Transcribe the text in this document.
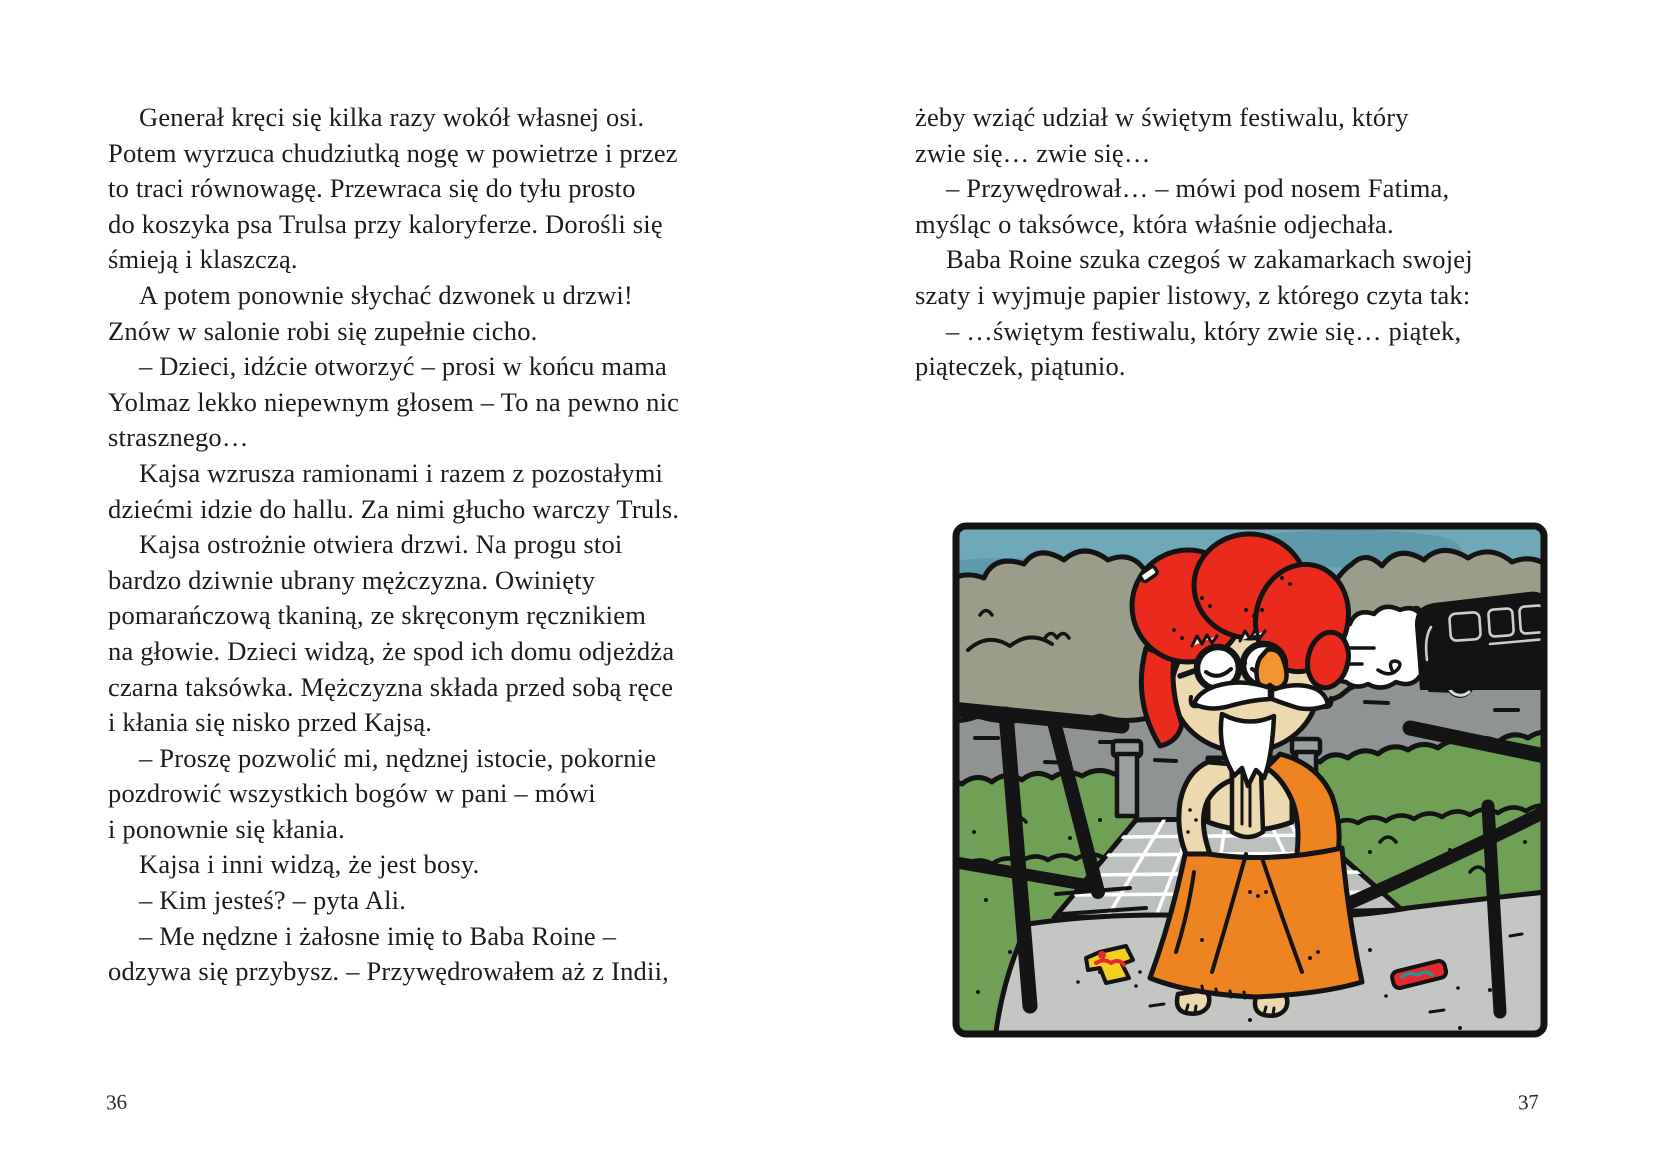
Generał kręci się kilka razy wokół własnej osi.
Potem wyrzuca chudziutką nogę w powietrze i przez
to traci równowagę. Przewraca się do tyłu prosto
do koszyka psa Trulsa przy kaloryferze. Dorośli się
śmieją i klaszczą.
A potem ponownie słychać dzwonek u drzwi!
Znów w salonie robi się zupełnie cicho.
– Dzieci, idźcie otworzyć – prosi w końcu mama
Yolmaz lekko niepewnym głosem – To na pewno nic
strasznego…
Kajsa wzrusza ramionami i razem z pozostałymi
dziećmi idzie do hallu. Za nimi głucho warczy Truls.
Kajsa ostrożnie otwiera drzwi. Na progu stoi
bardzo dziwnie ubrany mężczyzna. Owinięty
pomarańczową tkaniną, ze skręconym ręcznikiem
na głowie. Dzieci widzą, że spod ich domu odjeżdża
czarna taksówka. Mężczyzna składa przed sobą ręce
i kłania się nisko przed Kajsą.
– Proszę pozwolić mi, nędznej istocie, pokornie
pozdrowić wszystkich bogów w pani – mówi
i ponownie się kłania.
Kajsa i inni widzą, że jest bosy.
– Kim jesteś? – pyta Ali.
– Me nędzne i żałosne imię to Baba Roine –
odzywa się przybysz. – Przywędrowałem aż z Indii,
36
żeby wziąć udział w świętym festiwalu, który
zwie się… zwie się…
– Przywędrował… – mówi pod nosem Fatima,
myśląc o taksówce, która właśnie odjechała.
Baba Roine szuka czegoś w zakamarkach swojej
szaty i wyjmuje papier listowy, z którego czyta tak:
– …świętym festiwalu, który zwie się… piątek,
piąteczek, piątunio.
37
